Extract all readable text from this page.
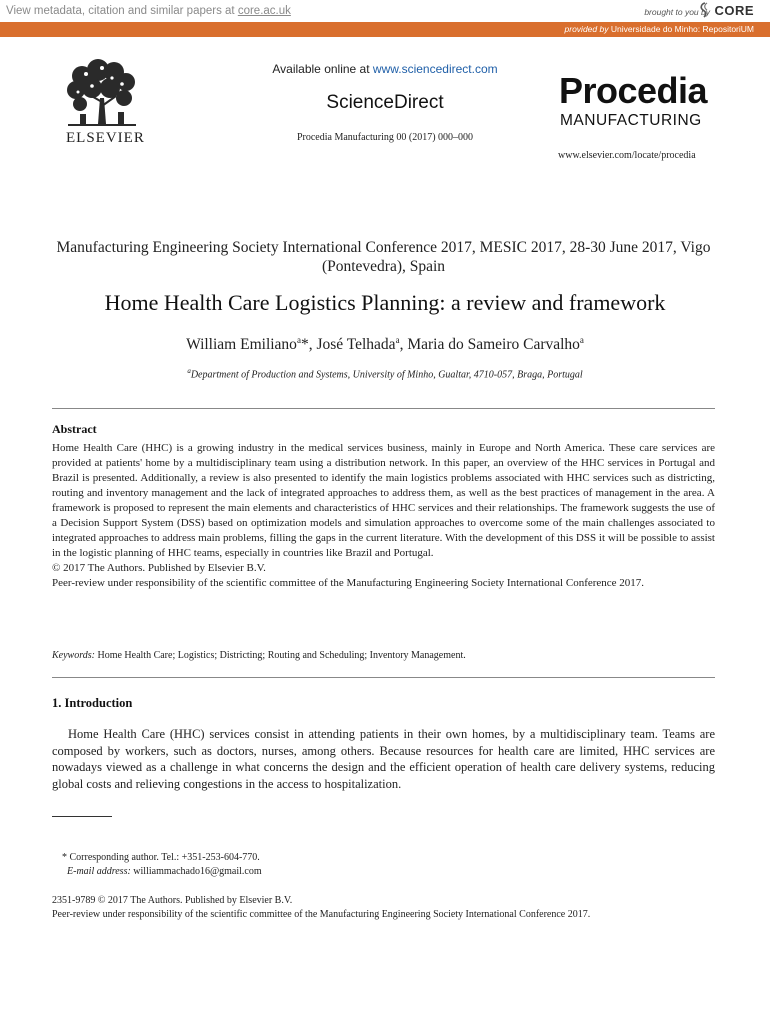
View metadata, citation and similar papers at core.ac.uk	brought to you by CORE
provided by Universidade do Minho: RepositoriUM
ELSEVIER
Available online at www.sciencedirect.com
ScienceDirect
Procedia Manufacturing 00 (2017) 000–000
Procedia
MANUFACTURING
www.elsevier.com/locate/procedia
Manufacturing Engineering Society International Conference 2017, MESIC 2017, 28-30 June 2017, Vigo (Pontevedra), Spain
Home Health Care Logistics Planning: a review and framework
William Emiliano$^a$*, José Telhada$^a$, Maria do Sameiro Carvalho$^a$
$^a$Department of Production and Systems, University of Minho, Gualtar, 4710-057, Braga, Portugal
Abstract

Home Health Care (HHC) is a growing industry in the medical services business, mainly in Europe and North America. These care services are provided at patients' home by a multidisciplinary team using a distribution network. In this paper, an overview of the HHC services in Portugal and Brazil is presented. Additionally, a review is also presented to identify the main logistics problems associated with HHC services such as districting, routing and inventory management and the lack of integrated approaches to address them, as well as the best practices of management in the area. A framework is proposed to represent the main elements and characteristics of HHC services and their relationships. The framework suggests the use of a Decision Support System (DSS) based on optimization models and simulation approaches to overcome some of the main challenges associated to integrated approaches to address main problems, filling the gaps in the current literature. With the development of this DSS it will be possible to assist in the logistic planning of HHC teams, especially in countries like Brazil and Portugal.

© 2017 The Authors. Published by Elsevier B.V.

Peer-review under responsibility of the scientific committee of the Manufacturing Engineering Society International Conference 2017.

Keywords: Home Health Care; Logistics; Districting; Routing and Scheduling; Inventory Management.
1. Introduction

Home Health Care (HHC) services consist in attending patients in their own homes, by a multidisciplinary team. Teams are composed by workers, such as doctors, nurses, among others. Because resources for health care are limited, HHC services are nowadays viewed as a challenge in what concerns the design and the efficient operation of health care delivery systems, reducing global costs and relieving congestions in the access to hospitalization.

* Corresponding author. Tel.: +351-253-604-770.
E-mail address: williammachado16@gmail.com
2351-9789 © 2017 The Authors. Published by Elsevier B.V.
Peer-review under responsibility of the scientific committee of the Manufacturing Engineering Society International Conference 2017.
